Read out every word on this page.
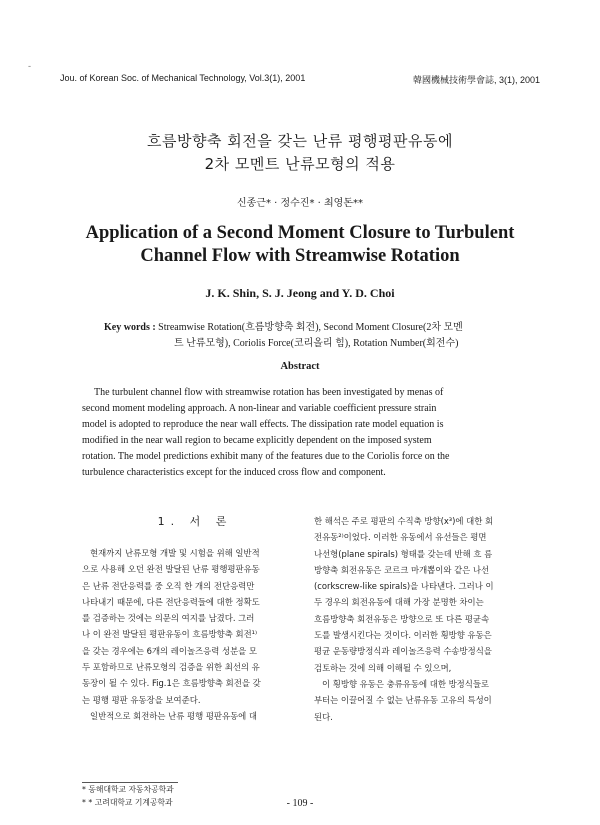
-
Jou. of Korean Soc. of Mechanical Technology, Vol.3(1), 2001	韓國機械技術學會誌, 3(1), 2001
흐름방향축 회전을 갖는 난류 평행평판유동에
2차 모멘트 난류모형의 적용
신종근* · 정수진* · 최영돈**
Application of a Second Moment Closure to Turbulent
Channel Flow with Streamwise Rotation
J. K. Shin, S. J. Jeong and Y. D. Choi
Key words : Streamwise Rotation(흐름방향축 회전), Second Moment Closure(2차 모멘
트 난류모형), Coriolis Force(코리올리 힘), Rotation Number(회전수)
Abstract
The turbulent channel flow with streamwise rotation has been investigated by menas of
second moment modeling approach. A non-linear and variable coefficient pressure strain
model is adopted to reproduce the near wall effects. The dissipation rate model equation is
modified in the near wall region to became explicitly dependent on the imposed system
rotation. The model predictions exhibit many of the features due to the Coriolis force on the
turbulence characteristics except for the induced cross flow and component.
1. 서 론
현재까지 난류모형 개발 및 시험을 위해 일반적
으로 사용해 오던 완전 발달된 난류 평행평판유동
은 난류 전단응력를 중 오직 한 개의 전단응력만
나타내기 때문에, 다른 전단응력들에 대한 정확도
를 검증하는 것에는 의문의 여지를 남겼다. 그러
나 이 완전 발달된 평판유동이 흐름방향축 회전¹⁾
을 갖는 경우에는 6개의 레이놀즈응력 성분을 모
두 포함하므로 난류모형의 검증을 위한 최선의 유
동장이 될 수 있다. Fig.1은 흐름방향축 회전을 갖
는 평행 평판 유동장을 보여준다.
일반적으로 회전하는 난류 평행 평판유동에 대
한 해석은 주로 평판의 수직축 방향(x³)에 대한 회
전유동²⁾이었다. 이러한 유동에서 유선들은 평면
나선형(plane spirals) 형태를 갖는데 반해 흐 름
방향축 회전유동은 코르크 마개뽑이와 같은 나선
(corkscrew-like spirals)을 나타낸다. 그러나 이
두 경우의 회전유동에 대해 가장 분명한 차이는
흐름방향축 회전유동은 방향으로 또 다른 평균속
도를 발생시킨다는 것이다. 이러한 횡방향 유동은
평균 운동량방정식과 레이놀즈응력 수송방정식을
검토하는 것에 의해 이해될 수 있으며,
이 횡방향 유동은 충류유동에 대한 방정식들로
부터는 이끌어질 수 없는 난류유동 고유의 특성이
된다.
* 동해대학교 자동차공학과
* * 고려대학교 기계공학과	- 109 -
